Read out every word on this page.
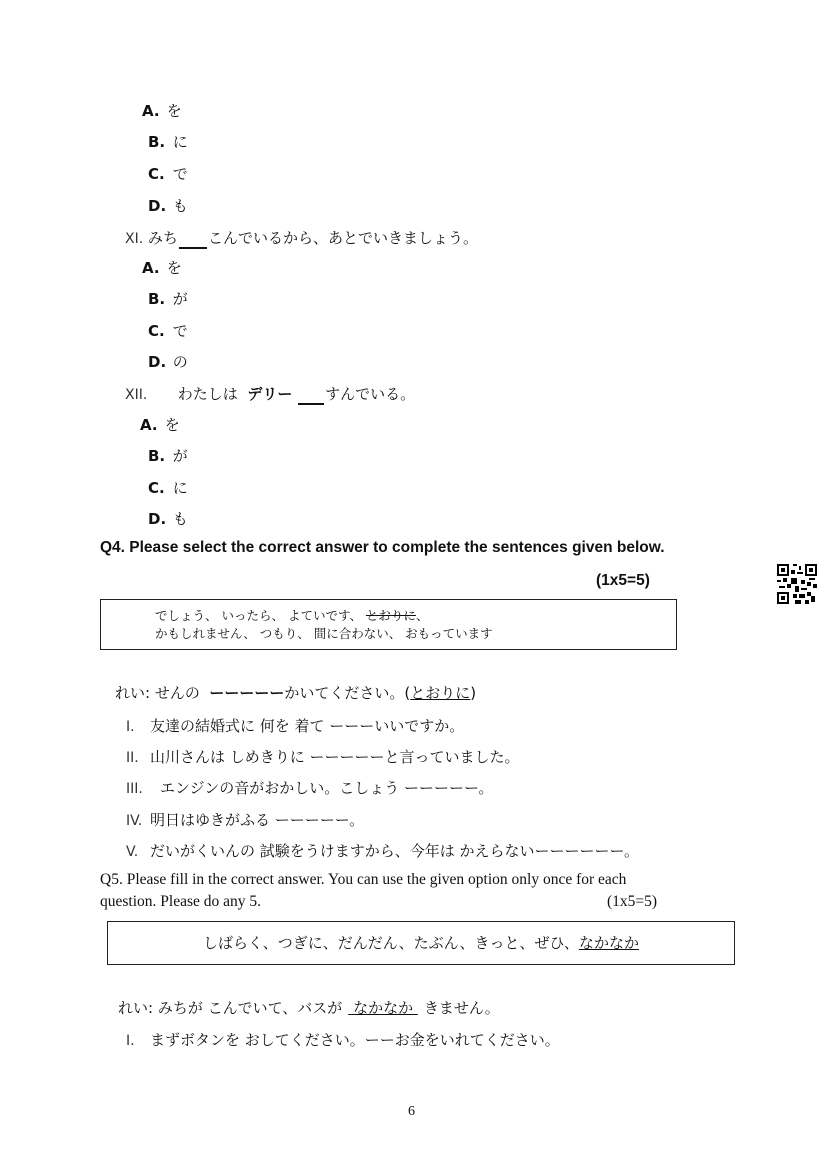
A. を
B. に
C. で
D. も
XI. みち こんでいるから、あとでいきましょう。
A. を
B. が
C. で
D. の
XII. わたしは デリー すんでいる。
A. を
B. が
C. に
D. も
Q4. Please select the correct answer to complete the sentences given below.
(1x5=5)
でしょう、 いったら、 よていです、 とおりに、
かもしれません、 つもり、 間に合わない、 おもっています
れい: せんの  ーーーーーかいてください。(とおりに)
I. 友達の結婚式に 何を 着て ーーーいいですか。
II. 山川さんは しめきりに ーーーーーと言っていました。
III. エンジンの音がおかしい。こしょう ーーーーー。
IV. 明日はゆきがふる ーーーーー。
V. だいがくいんの 試験をうけますから、今年は かえらないーーーーーー。
Q5. Please fill in the correct answer. You can use the given option only once for each
question. Please do any 5.	(1x5=5)
しばらく、つぎに、だんだん、たぶん、きっと、ぜひ、なかなか
れい: みちが こんでいて、バスが なかなか きません。
I. まずボタンを おしてください。ーーお金をいれてください。
6
